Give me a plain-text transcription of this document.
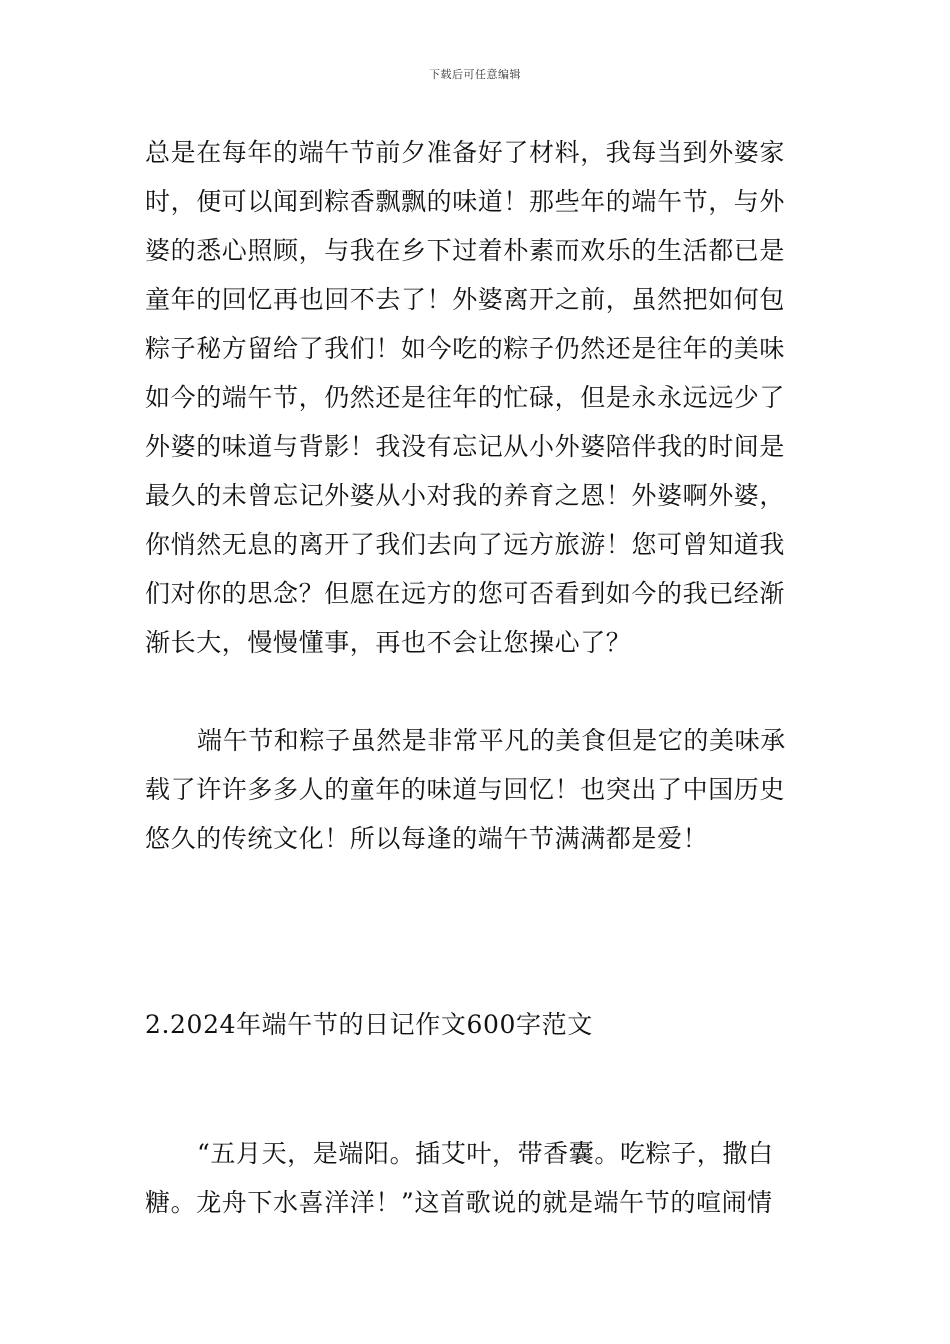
下载后可任意编辑
总是在每年的端午节前夕准备好了材料，我每当到外婆家
时，便可以闻到粽香飘飘的味道！那些年的端午节，与外
婆的悉心照顾，与我在乡下过着朴素而欢乐的生活都已是
童年的回忆再也回不去了！外婆离开之前，虽然把如何包
粽子秘方留给了我们！如今吃的粽子仍然还是往年的美味
如今的端午节，仍然还是往年的忙碌，但是永永远远少了
外婆的味道与背影！我没有忘记从小外婆陪伴我的时间是
最久的未曾忘记外婆从小对我的养育之恩！外婆啊外婆，
你悄然无息的离开了我们去向了远方旅游！您可曾知道我
们对你的思念？但愿在远方的您可否看到如今的我已经渐
渐长大，慢慢懂事，再也不会让您操心了？
端午节和粽子虽然是非常平凡的美食但是它的美味承
载了许许多多人的童年的味道与回忆！也突出了中国历史
悠久的传统文化！所以每逢的端午节满满都是爱！
2.2024年端午节的日记作文600字范文
“五月天，是端阳。插艾叶，带香囊。吃粽子，撒白
糖。龙舟下水喜洋洋！”这首歌说的就是端午节的喧闹情
